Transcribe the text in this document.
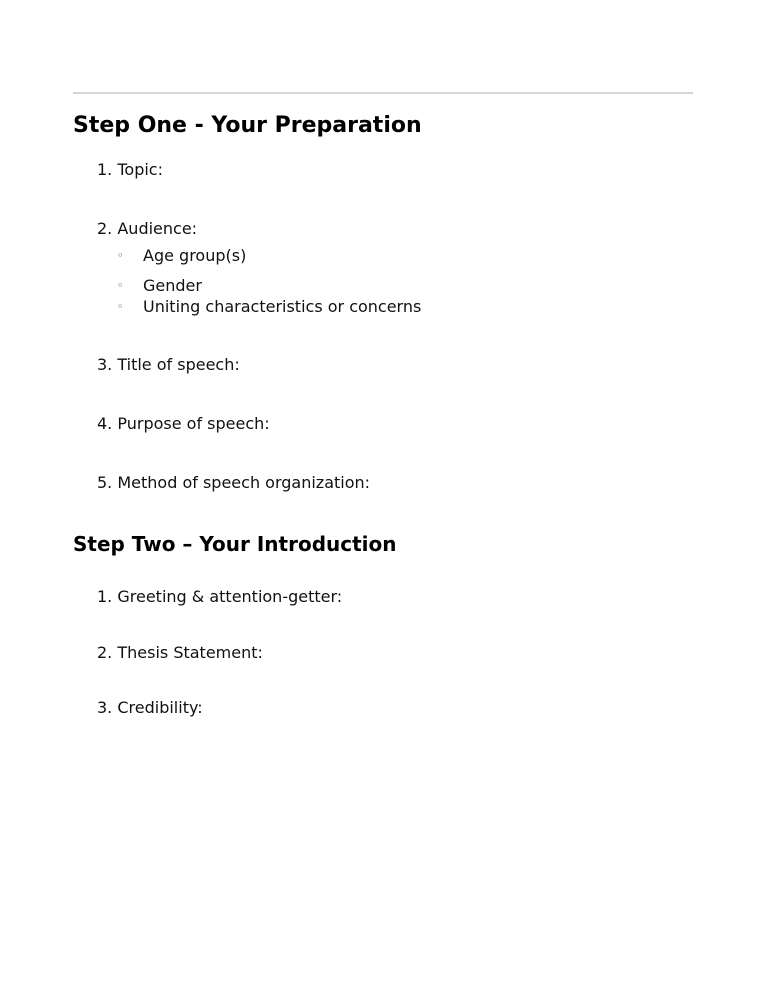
Step One - Your Preparation
1. Topic:
2. Audience:
◦ Age group(s)
◦ Gender
◦ Uniting characteristics or concerns
3. Title of speech:
4. Purpose of speech:
5. Method of speech organization:
Step Two – Your Introduction
1. Greeting & attention-getter:
2. Thesis Statement:
3. Credibility:
